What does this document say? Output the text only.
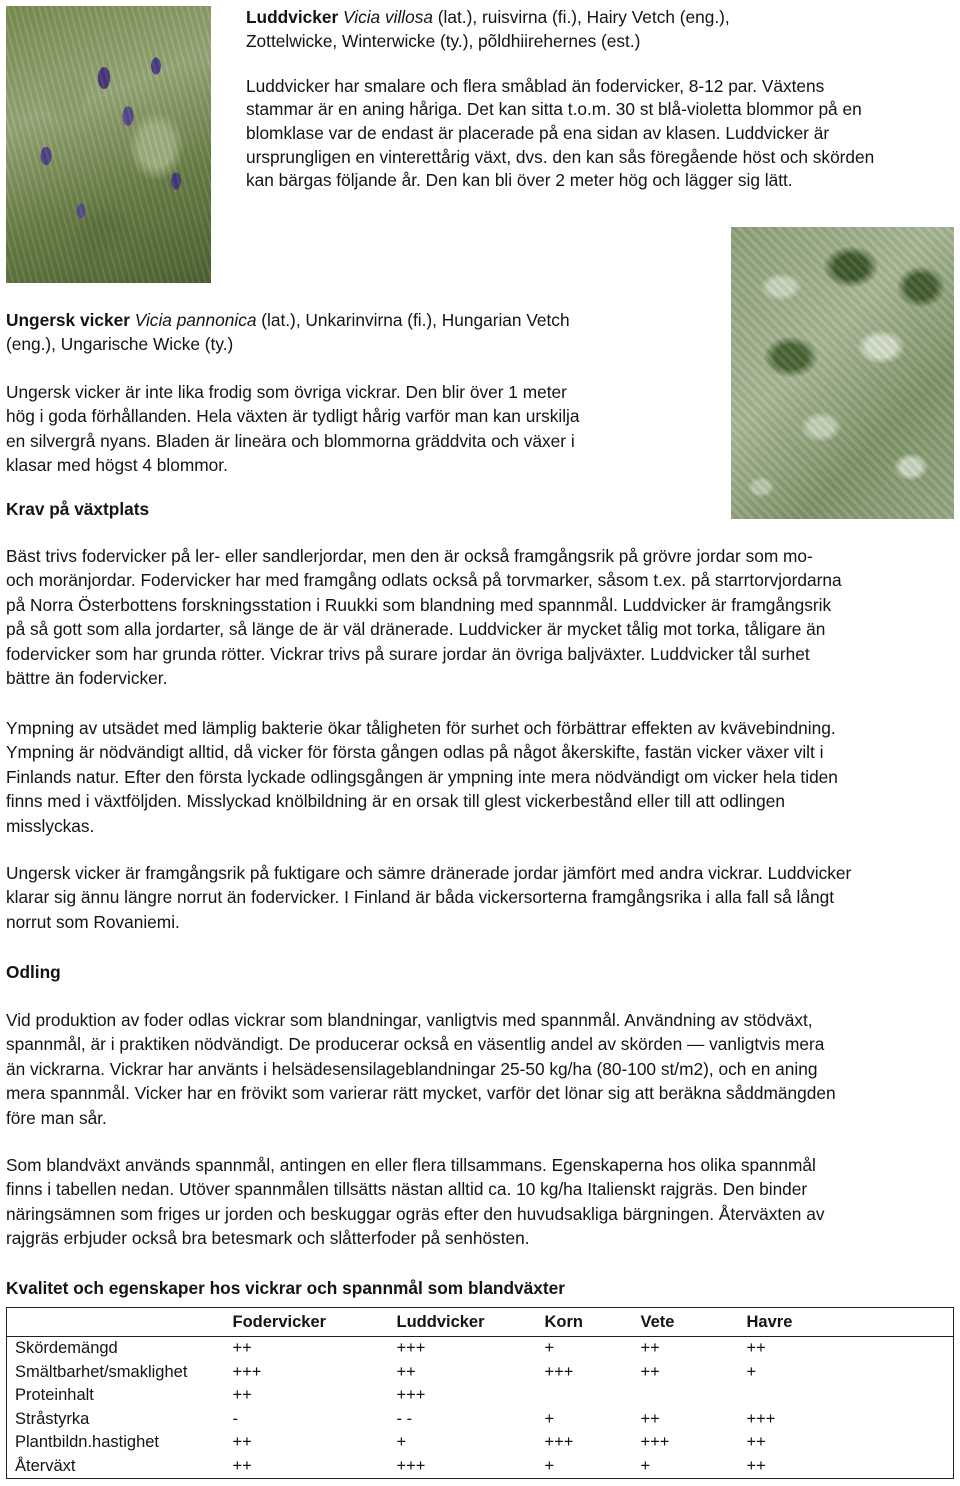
Luddvicker Vicia villosa (lat.), ruisvirna (fi.), Hairy Vetch (eng.),
Zottelwicke, Winterwicke (ty.), põldhiirehernes (est.)

Luddvicker har smalare och flera småblad än fodervicker, 8-12 par. Växtens
stammar är en aning håriga. Det kan sitta t.o.m. 30 st blå-violetta blommor på en
blomklase var de endast är placerade på ena sidan av klasen. Luddvicker är
ursprungligen en vinterettårig växt, dvs. den kan sås föregående höst och skörden
kan bärgas följande år. Den kan bli över 2 meter hög och lägger sig lätt.

Ungersk vicker Vicia pannonica (lat.), Unkarinvirna (fi.), Hungarian Vetch
(eng.), Ungarische Wicke (ty.)

Ungersk vicker är inte lika frodig som övriga vickrar. Den blir över 1 meter
hög i goda förhållanden. Hela växten är tydligt hårig varför man kan urskilja
en silvergrå nyans. Bladen är lineära och blommorna gräddvita och växer i
klasar med högst 4 blommor.

Krav på växtplats

Bäst trivs fodervicker på ler- eller sandlerjordar, men den är också framgångsrik på grövre jordar som mo-
och moränjordar. Fodervicker har med framgång odlats också på torvmarker, såsom t.ex. på starrtorvjordarna
på Norra Österbottens forskningsstation i Ruukki som blandning med spannmål. Luddvicker är framgångsrik
på så gott som alla jordarter, så länge de är väl dränerade. Luddvicker är mycket tålig mot torka, tåligare än
fodervicker som har grunda rötter. Vickrar trivs på surare jordar än övriga baljväxter. Luddvicker tål surhet
bättre än fodervicker.

Ympning av utsädet med lämplig bakterie ökar tåligheten för surhet och förbättrar effekten av kvävebindning.
Ympning är nödvändigt alltid, då vicker för första gången odlas på något åkerskifte, fastän vicker växer vilt i
Finlands natur. Efter den första lyckade odlingsgången är ympning inte mera nödvändigt om vicker hela tiden
finns med i växtföljden. Misslyckad knölbildning är en orsak till glest vickerbestånd eller till att odlingen
misslyckas.

Ungersk vicker är framgångsrik på fuktigare och sämre dränerade jordar jämfört med andra vickrar. Luddvicker
klarar sig ännu längre norrut än fodervicker. I Finland är båda vickersorterna framgångsrika i alla fall så långt
norrut som Rovaniemi.

Odling

Vid produktion av foder odlas vickrar som blandningar, vanligtvis med spannmål. Användning av stödväxt,
spannmål, är i praktiken nödvändigt. De producerar också en väsentlig andel av skörden — vanligtvis mera
än vickrarna. Vickrar har använts i helsädesensilageblandningar 25-50 kg/ha (80-100 st/m2), och en aning
mera spannmål. Vicker har en frövikt som varierar rätt mycket, varför det lönar sig att beräkna såddmängden
före man sår.

Som blandväxt används spannmål, antingen en eller flera tillsammans. Egenskaperna hos olika spannmål
finns i tabellen nedan. Utöver spannmålen tillsätts nästan alltid ca. 10 kg/ha Italienskt rajgräs. Den binder
näringsämnen som friges ur jorden och beskuggar ogräs efter den huvudsakliga bärgningen. Återväxten av
rajgräs erbjuder också bra betesmark och slåtterfoder på senhösten.

Kvalitet och egenskaper hos vickrar och spannmål som blandväxter

	Fodervicker	Luddvicker	Korn	Vete	Havre
Skördemängd	++	+++	+	++	++
Smältbarhet/smaklighet	+++	++	+++	++	+
Proteinhalt	++	+++			
Stråstyrka	-	- -	+	++	+++
Plantbildn.hastighet	++	+	+++	+++	++
Återväxt	++	+++	+	+	++
